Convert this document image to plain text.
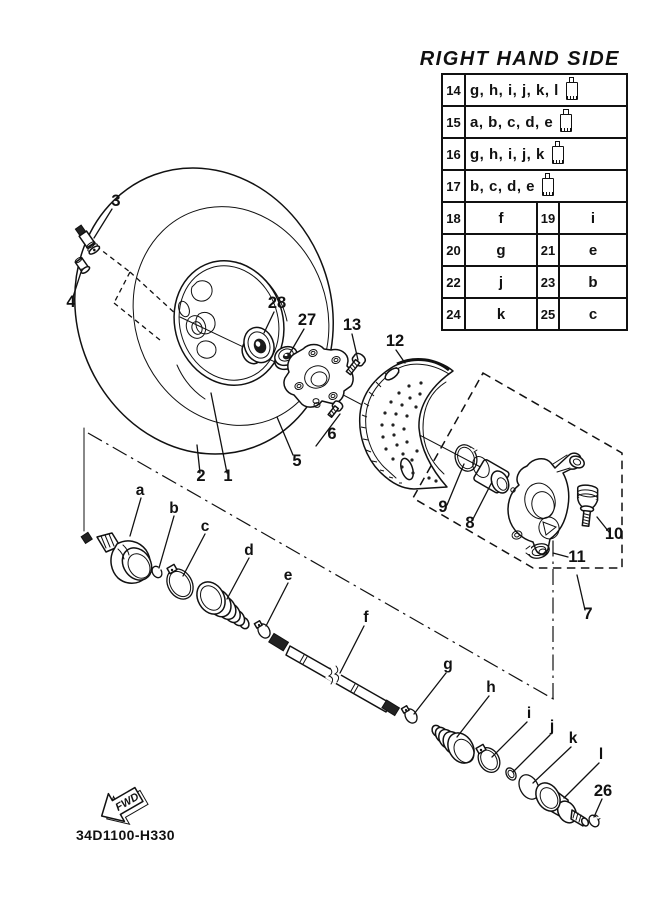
RIGHT HAND SIDE
14	g, h, i, j, k, l		

15	a, b, c, d, e		

16	g, h, i, j, k		

17	b, c, d, e		

18	f	19	i
20	g	21	e
22	j	23	b
24	k	25	c
3
4	28
27 13
12
6
5
2 1
9
8
10
11
7
26
a
b
c
d
e
f
g
h
i
j
k
l
FWD
34D1100-H330
